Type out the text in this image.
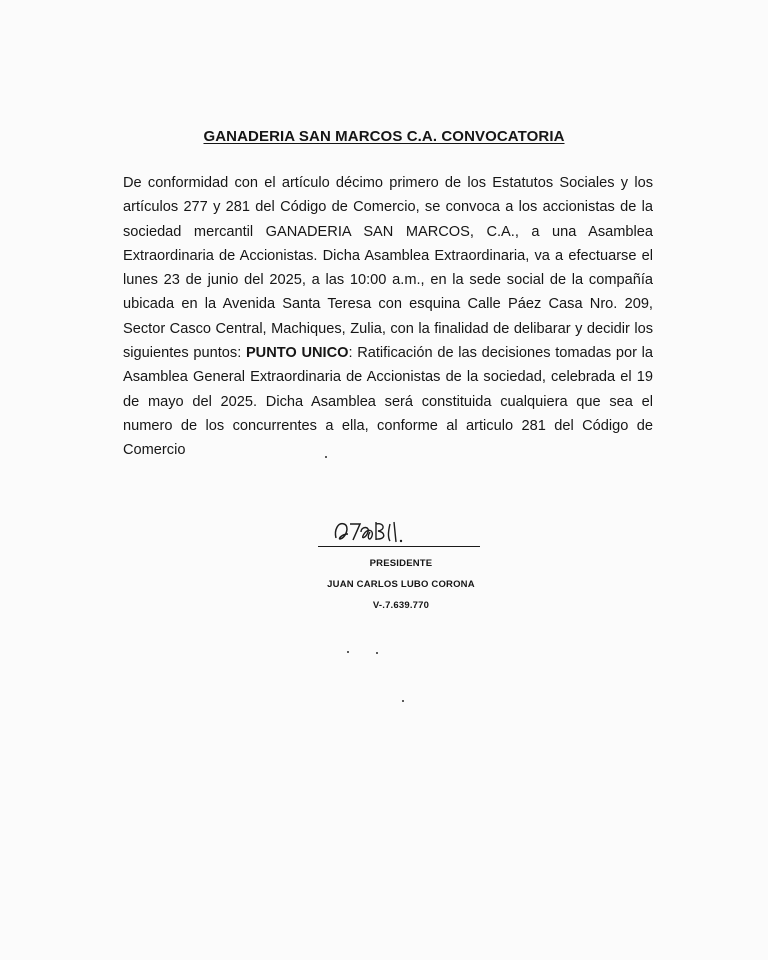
GANADERIA SAN MARCOS C.A. CONVOCATORIA
De conformidad con el artículo décimo primero de los Estatutos Sociales y los artículos 277 y 281 del Código de Comercio, se convoca a los accionistas de la sociedad mercantil GANADERIA SAN MARCOS, C.A., a una Asamblea Extraordinaria de Accionistas. Dicha Asamblea Extraordinaria, va a efectuarse el lunes 23 de junio del 2025, a las 10:00 a.m., en la sede social de la compañía ubicada en la Avenida Santa Teresa con esquina Calle Páez Casa Nro. 209, Sector Casco Central, Machiques, Zulia, con la finalidad de delibarar y decidir los siguientes puntos: PUNTO UNICO: Ratificación de las decisiones tomadas por la Asamblea General Extraordinaria de Accionistas de la sociedad, celebrada el 19 de mayo del 2025. Dicha Asamblea será constituida cualquiera que sea el numero de los concurrentes a ella, conforme al articulo 281 del Código de Comercio
PRESIDENTE
JUAN CARLOS LUBO CORONA
V-.7.639.770
